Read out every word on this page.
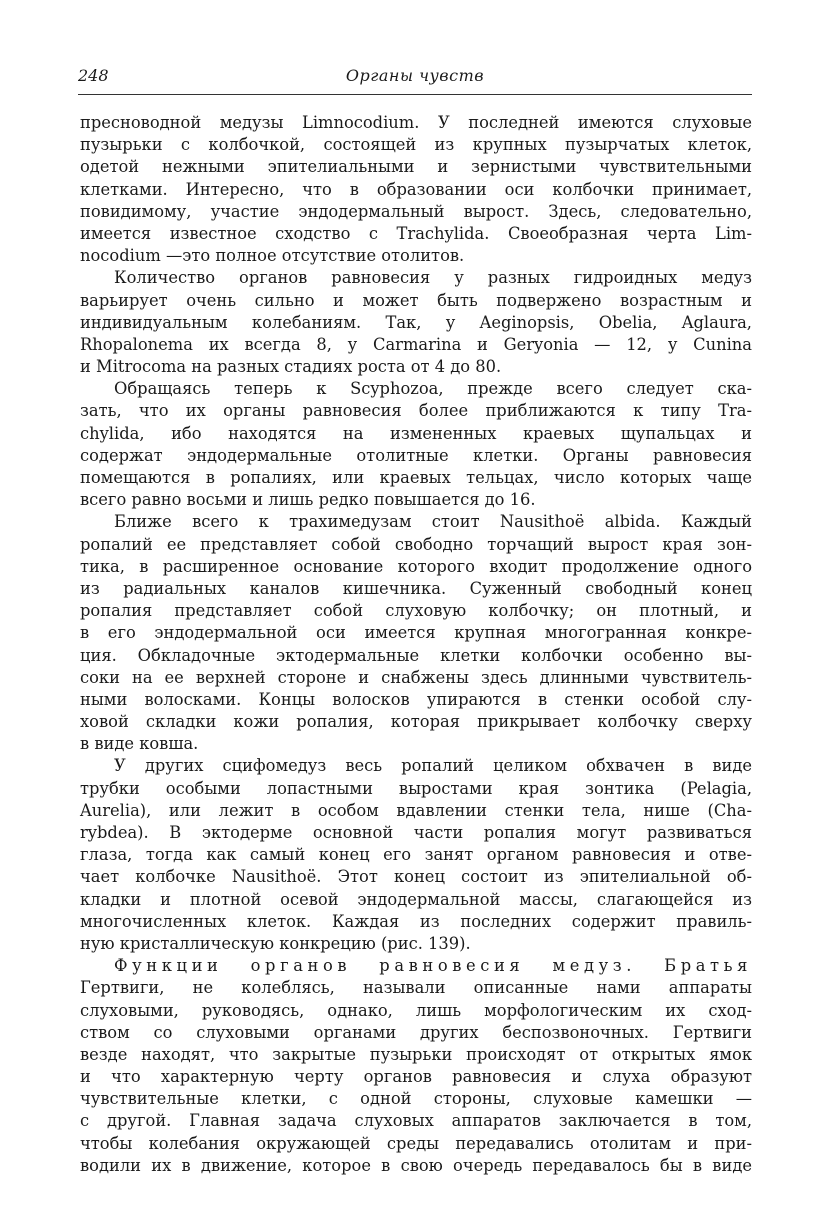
248	Органы чувств
пресноводной медузы Limnocodium. У последней имеются слуховые
пузырьки с колбочкой, состоящей из крупных пузырчатых клеток,
одетой нежными эпителиальными и зернистыми чувствительными
клетками. Интересно, что в образовании оси колбочки принимает,
повидимому, участие эндодермальный вырост. Здесь, следовательно,
имеется известное сходство с Trachylida. Своеобразная черта Lim-
nocodium —это полное отсутствие отолитов.
Количество органов равновесия у разных гидроидных медуз
варьирует очень сильно и может быть подвержено возрастным и
индивидуальным колебаниям. Так, у Aeginopsis, Obelia, Aglaura,
Rhopalonema их всегда 8, у Carmarina и Geryonia — 12, у Cunina
и Mitrocoma на разных стадиях роста от 4 до 80.
Обращаясь теперь к Scyphozoa, прежде всего следует ска-
зать, что их органы равновесия более приближаются к типу Tra-
chylida, ибо находятся на измененных краевых щупальцах и
содержат эндодермальные отолитные клетки. Органы равновесия
помещаются в ропалиях, или краевых тельцах, число которых чаще
всего равно восьми и лишь редко повышается до 16.
Ближе всего к трахимедузам стоит Nausithoë albida. Каждый
ропалий ее представляет собой свободно торчащий вырост края зон-
тика, в расширенное основание которого входит продолжение одного
из радиальных каналов кишечника. Суженный свободный конец
ропалия представляет собой слуховую колбочку; он плотный, и
в его эндодермальной оси имеется крупная многогранная конкре-
ция. Обкладочные эктодермальные клетки колбочки особенно вы-
соки на ее верхней стороне и снабжены здесь длинными чувствитель-
ными волосками. Концы волосков упираются в стенки особой слу-
ховой складки кожи ропалия, которая прикрывает колбочку сверху
в виде ковша.
У других сцифомедуз весь ропалий целиком обхвачен в виде
трубки особыми лопастными выростами края зонтика (Pelagia,
Aurelia), или лежит в особом вдавлении стенки тела, нише (Cha-
rybdea). В эктодерме основной части ропалия могут развиваться
глаза, тогда как самый конец его занят органом равновесия и отве-
чает колбочке Nausithoë. Этот конец состоит из эпителиальной об-
кладки и плотной осевой эндодермальной массы, слагающейся из
многочисленных клеток. Каждая из последних содержит правиль-
ную кристаллическую конкрецию (рис. 139).
Функции органов равновесия медуз. Братья
Гертвиги, не колеблясь, называли описанные нами аппараты
слуховыми, руководясь, однако, лишь морфологическим их сход-
ством со слуховыми органами других беспозвоночных. Гертвиги
везде находят, что закрытые пузырьки происходят от открытых ямок
и что характерную черту органов равновесия и слуха образуют
чувствительные клетки, с одной стороны, слуховые камешки —
с другой. Главная задача слуховых аппаратов заключается в том,
чтобы колебания окружающей среды передавались отолитам и при-
водили их в движение, которое в свою очередь передавалось бы в виде
